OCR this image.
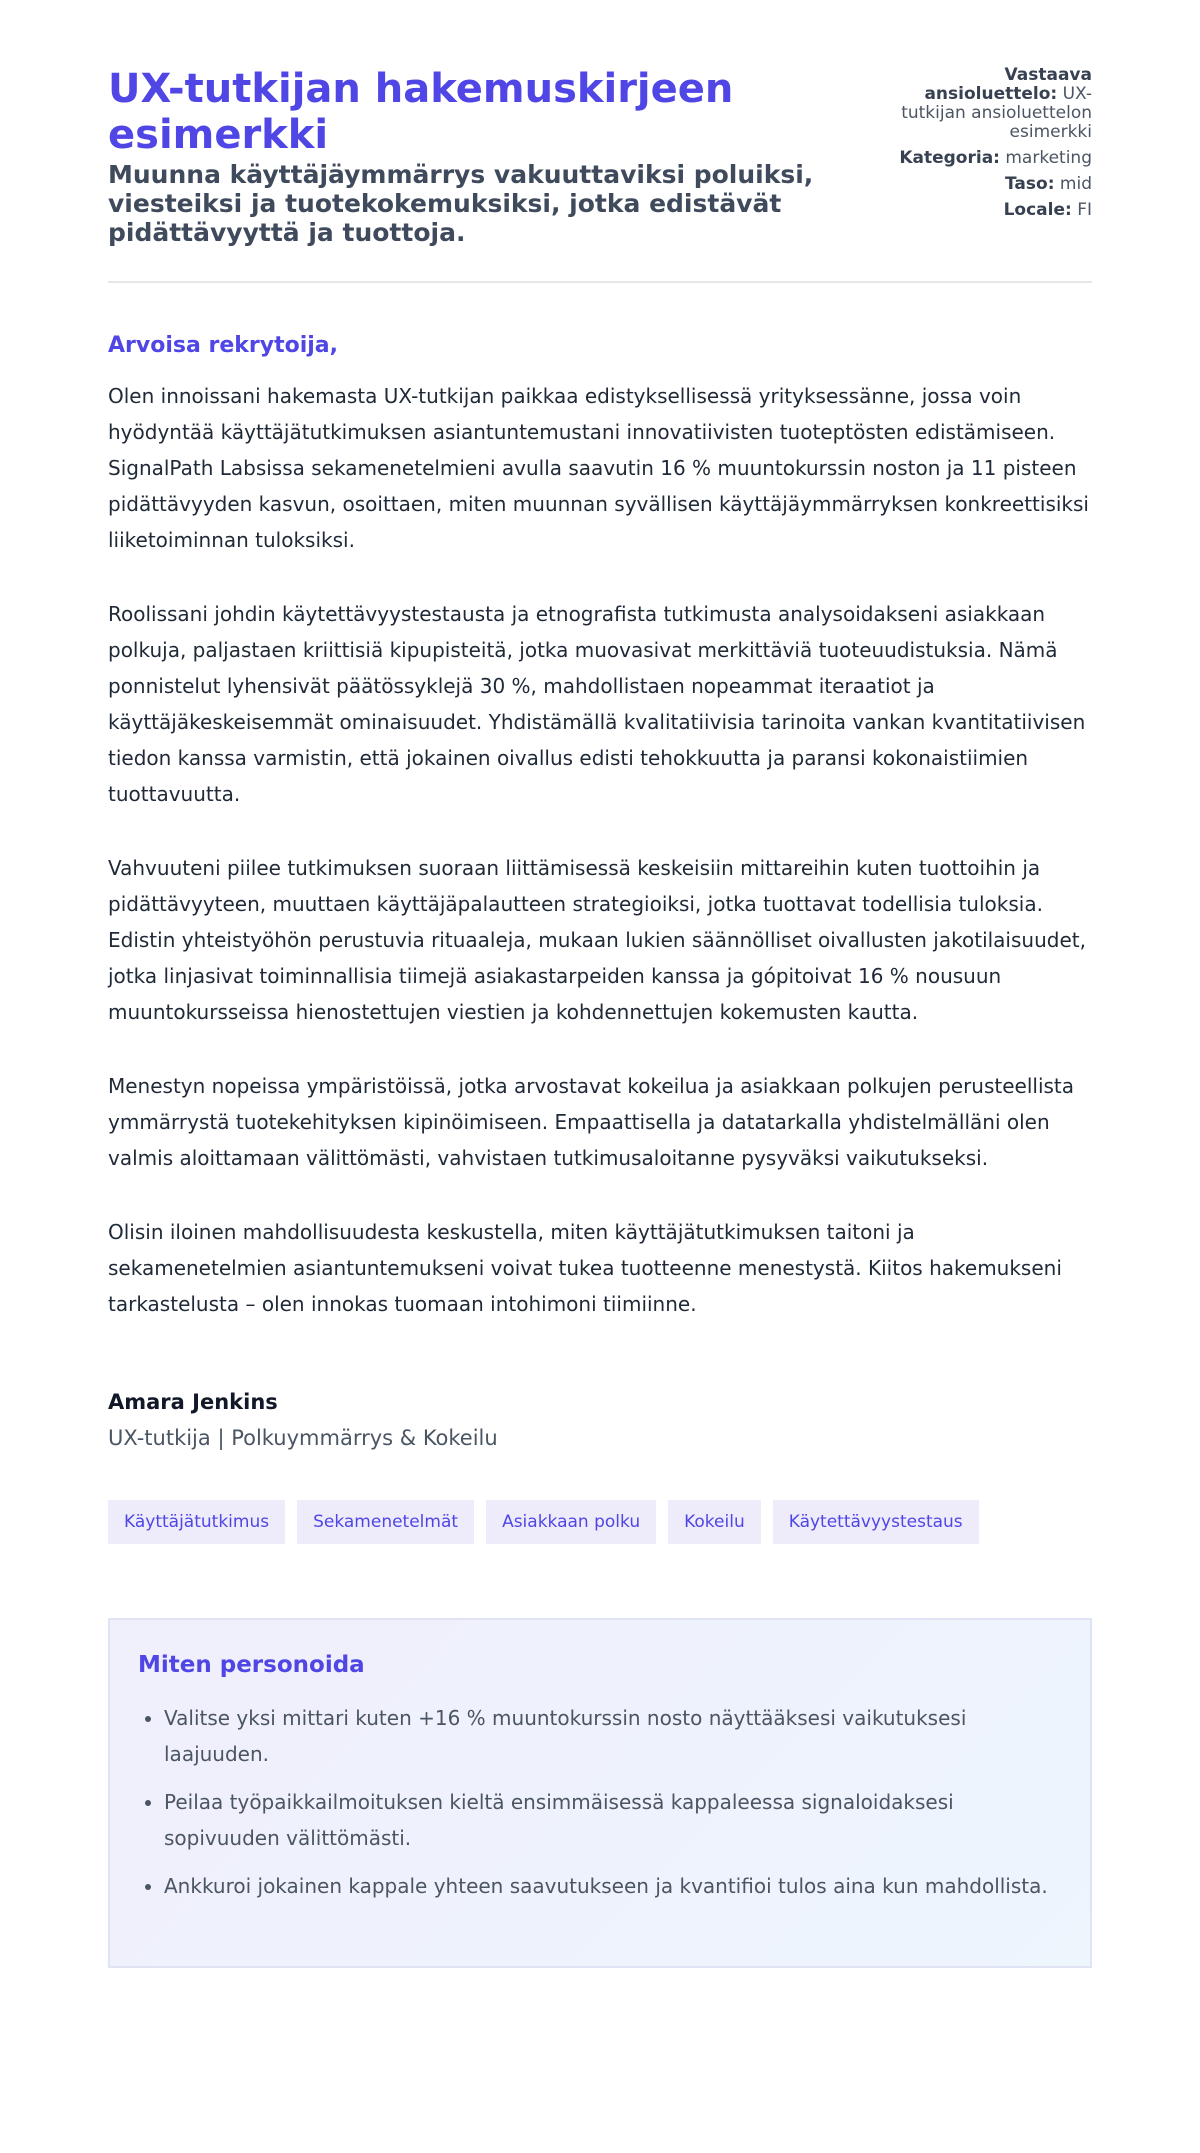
UX-tutkijan hakemuskirjeen esimerkki
Muunna käyttäjäymmärrys vakuuttaviksi poluiksi, viesteiksi ja tuotekokemuksiksi, jotka edistävät pidättävyyttä ja tuottoja.
Vastaava ansioluettelo: UX-tutkijan ansioluettelon esimerkki
Kategoria: marketing
Taso: mid
Locale: FI
Arvoisa rekrytoija,

Olen innoissani hakemasta UX-tutkijan paikkaa edistyksellisessä yrityksessänne, jossa voin hyödyntää käyttäjätutkimuksen asiantuntemustani innovatiivisten tuoteptösten edistämiseen. SignalPath Labsissa sekamenetelmieni avulla saavutin 16 % muuntokurssin noston ja 11 pisteen pidättävyyden kasvun, osoittaen, miten muunnan syvällisen käyttäjäymmärryksen konkreettisiksi liiketoiminnan tuloksiksi.

Roolissani johdin käytettävyystestausta ja etnografista tutkimusta analysoidakseni asiakkaan polkuja, paljastaen kriittisiä kipupisteitä, jotka muovasivat merkittäviä tuoteuudistuksia. Nämä ponnistelut lyhensivät päätössyklejä 30 %, mahdollistaen nopeammat iteraatiot ja käyttäjäkeskeisemmät ominaisuudet. Yhdistämällä kvalitatiivisia tarinoita vankan kvantitatiivisen tiedon kanssa varmistin, että jokainen oivallus edisti tehokkuutta ja paransi kokonaistiimien tuottavuutta.

Vahvuuteni piilee tutkimuksen suoraan liittämisessä keskeisiin mittareihin kuten tuottoihin ja pidättävyyteen, muuttaen käyttäjäpalautteen strategioiksi, jotka tuottavat todellisia tuloksia. Edistin yhteistyöhön perustuvia rituaaleja, mukaan lukien säännölliset oivallusten jakotilaisuudet, jotka linjasivat toiminnallisia tiimejä asiakastarpeiden kanssa ja gópitoivat 16 % nousuun muuntokursseissa hienostettujen viestien ja kohdennettujen kokemusten kautta.

Menestyn nopeissa ympäristöissä, jotka arvostavat kokeilua ja asiakkaan polkujen perusteellista ymmärrystä tuotekehityksen kipinöimiseen. Empaattisella ja datatarkalla yhdistelmälläni olen valmis aloittamaan välittömästi, vahvistaen tutkimusaloitanne pysyväksi vaikutukseksi.

Olisin iloinen mahdollisuudesta keskustella, miten käyttäjätutkimuksen taitoni ja sekamenetelmien asiantuntemukseni voivat tukea tuotteenne menestystä. Kiitos hakemukseni tarkastelusta – olen innokas tuomaan intohimoni tiimiinne.

Amara Jenkins
UX-tutkija | Polkuymmärrys & Kokeilu
Käyttäjätutkimus	Sekamenetelmät	Asiakkaan polku	Kokeilu	Käytettävyystestaus
Miten personoida
• Valitse yksi mittari kuten +16 % muuntokurssin nosto näyttääksesi vaikutuksesi laajuuden.
• Peilaa työpaikkailmoituksen kieltä ensimmäisessä kappaleessa signaloidaksesi sopivuuden välittömästi.
• Ankkuroi jokainen kappale yhteen saavutukseen ja kvantifioi tulos aina kun mahdollista.
